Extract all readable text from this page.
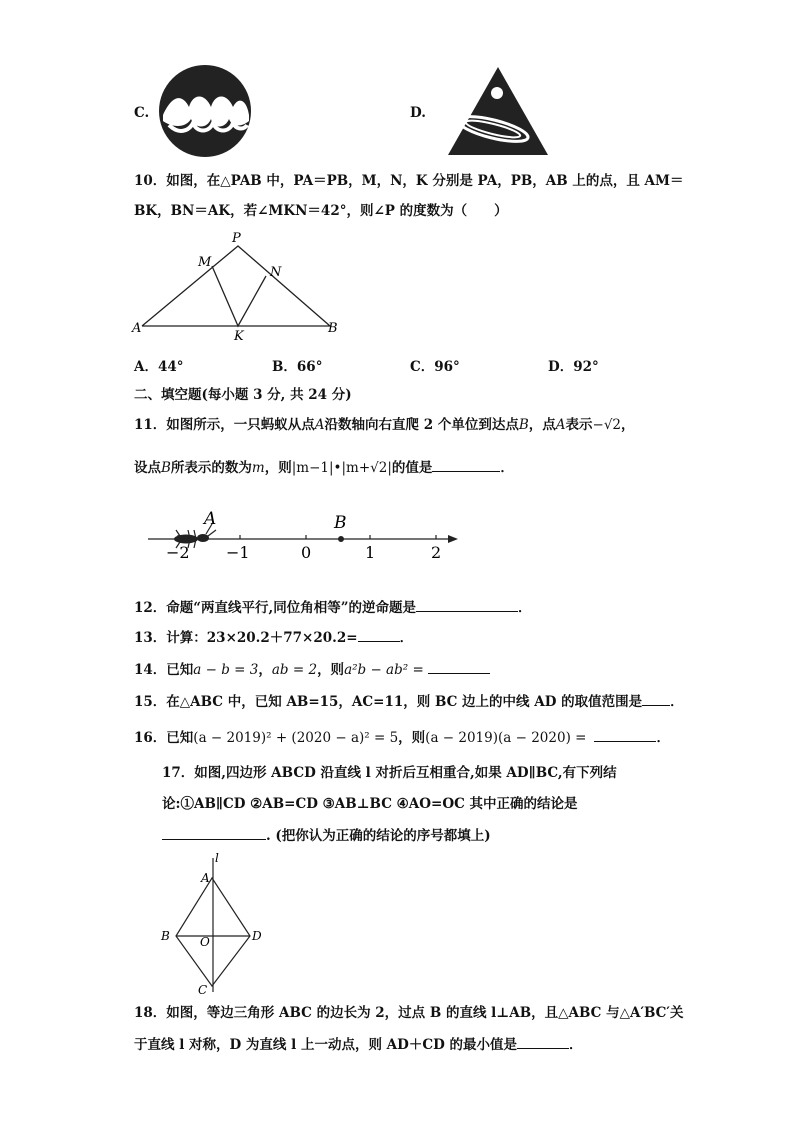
C.	D.
10．如图，在△PAB 中，PA＝PB，M，N，K 分别是 PA，PB，AB 上的点，且 AM＝
BK，BN＝AK，若∠MKN＝42°，则∠P 的度数为（　　）
P
M
N
A	B
K
A．44°	B．66°	C．96°	D．92°
二、填空题(每小题 3 分, 共 24 分)
11．如图所示，一只蚂蚁从点A沿数轴向右直爬 2 个单位到达点B，点A表示−√2，
设点B所表示的数为m，则|m−1|•|m+√2|的值是	．
A	B
−2 −1	0	1	2
12．命题“两直线平行,同位角相等”的逆命题是	．
13．计算：23×20.2＋77×20.2=	．
14．已知a − b = 3，ab = 2，则a²b − ab² =
15．在△ABC 中，已知 AB=15，AC=11，则 BC 边上的中线 AD 的取值范围是 ．
16．已知(a − 2019)² + (2020 − a)² = 5，则(a − 2019)(a − 2020) =	．
17．如图,四边形 ABCD 沿直线 l 对折后互相重合,如果 AD∥BC,有下列结
论:①AB∥CD ②AB=CD ③AB⊥BC ④AO=OC 其中正确的结论是
. (把你认为正确的结论的序号都填上)
l
A
B	O	D
C
18．如图，等边三角形 ABC 的边长为 2，过点 B 的直线 l⊥AB，且△ABC 与△A′BC′关
于直线 l 对称，D 为直线 l 上一动点，则 AD＋CD 的最小值是	．
